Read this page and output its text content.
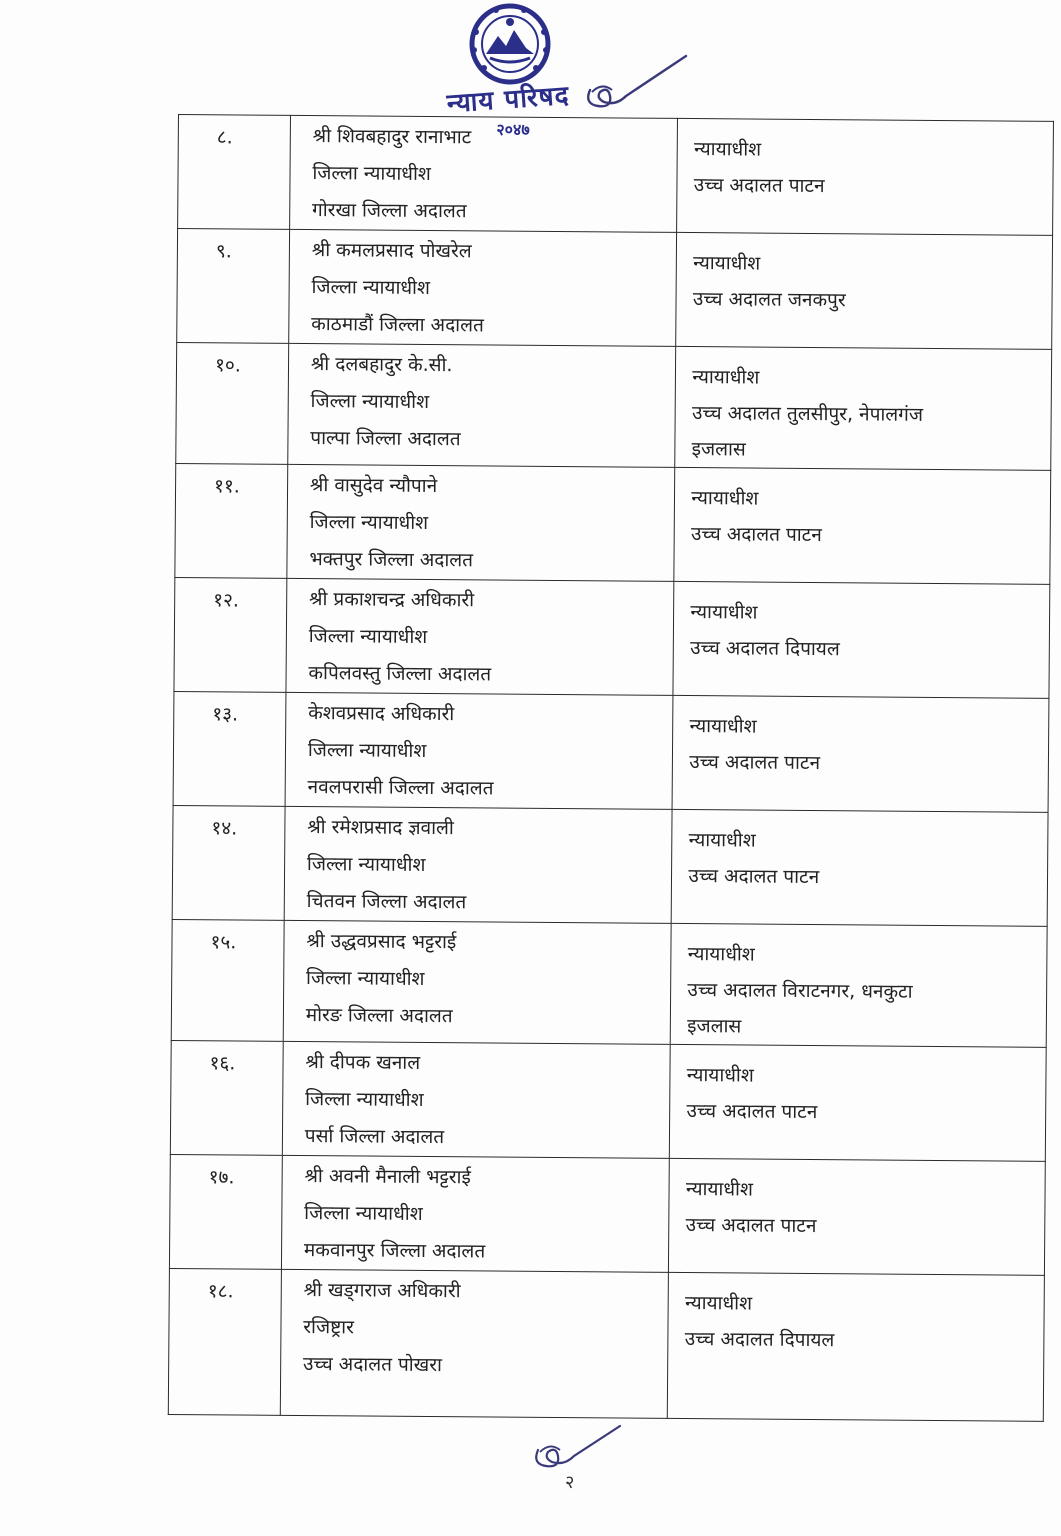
न्याय परिषद
२०४७
८.	श्री शिवबहादुर रानाभाट
जिल्ला न्यायाधीश
गोरखा जिल्ला अदालत	न्यायाधीश
उच्च अदालत पाटन

९.	श्री कमलप्रसाद पोखरेल
जिल्ला न्यायाधीश
काठमाडौं जिल्ला अदालत	न्यायाधीश
उच्च अदालत जनकपुर

१०.	श्री दलबहादुर के.सी.
जिल्ला न्यायाधीश
पाल्पा जिल्ला अदालत	न्यायाधीश
उच्च अदालत तुलसीपुर, नेपालगंज
इजलास

११.	श्री वासुदेव न्यौपाने
जिल्ला न्यायाधीश
भक्तपुर जिल्ला अदालत	न्यायाधीश
उच्च अदालत पाटन

१२.	श्री प्रकाशचन्द्र अधिकारी
जिल्ला न्यायाधीश
कपिलवस्तु जिल्ला अदालत	न्यायाधीश
उच्च अदालत दिपायल

१३.	केशवप्रसाद अधिकारी
जिल्ला न्यायाधीश
नवलपरासी जिल्ला अदालत	न्यायाधीश
उच्च अदालत पाटन

१४.	श्री रमेशप्रसाद ज्ञवाली
जिल्ला न्यायाधीश
चितवन जिल्ला अदालत	न्यायाधीश
उच्च अदालत पाटन

१५.	श्री उद्धवप्रसाद भट्टराई
जिल्ला न्यायाधीश
मोरङ जिल्ला अदालत	न्यायाधीश
उच्च अदालत विराटनगर, धनकुटा
इजलास

१६.	श्री दीपक खनाल
जिल्ला न्यायाधीश
पर्सा जिल्ला अदालत	न्यायाधीश
उच्च अदालत पाटन

१७.	श्री अवनी मैनाली भट्टराई
जिल्ला न्यायाधीश
मकवानपुर जिल्ला अदालत	न्यायाधीश
उच्च अदालत पाटन

१८.	श्री खड्गराज अधिकारी
रजिष्ट्रार
उच्च अदालत पोखरा	न्यायाधीश
उच्च अदालत दिपायल
२
